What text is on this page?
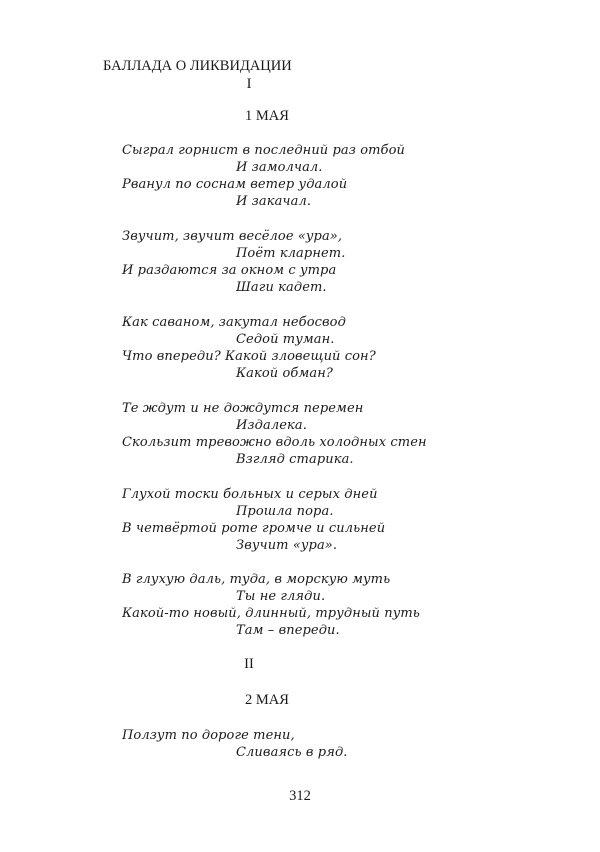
БАЛЛАДА О ЛИКВИДАЦИИ
312
I
1 МАЯ
Сыграл горнист в последний раз отбой
И замолчал.
Рванул по соснам ветер удалой
И закачал.
Звучит, звучит весёлое «ура»,
Поёт кларнет.
И раздаются за окном с утра
Шаги кадет.
Как саваном, закутал небосвод
Седой туман.
Что впереди? Какой зловещий сон?
Какой обман?
Те ждут и не дождутся перемен
Издалека.
Скользит тревожно вдоль холодных стен
Взгляд старика.
Глухой тоски больных и серых дней
Прошла пора.
В четвёртой роте громче и сильней
Звучит «ура».
В глухую даль, туда, в морскую муть
Ты не гляди.
Какой-то новый, длинный, трудный путь
Там – впереди.
II
2 МАЯ
Ползут по дороге тени,
Сливаясь в ряд.
